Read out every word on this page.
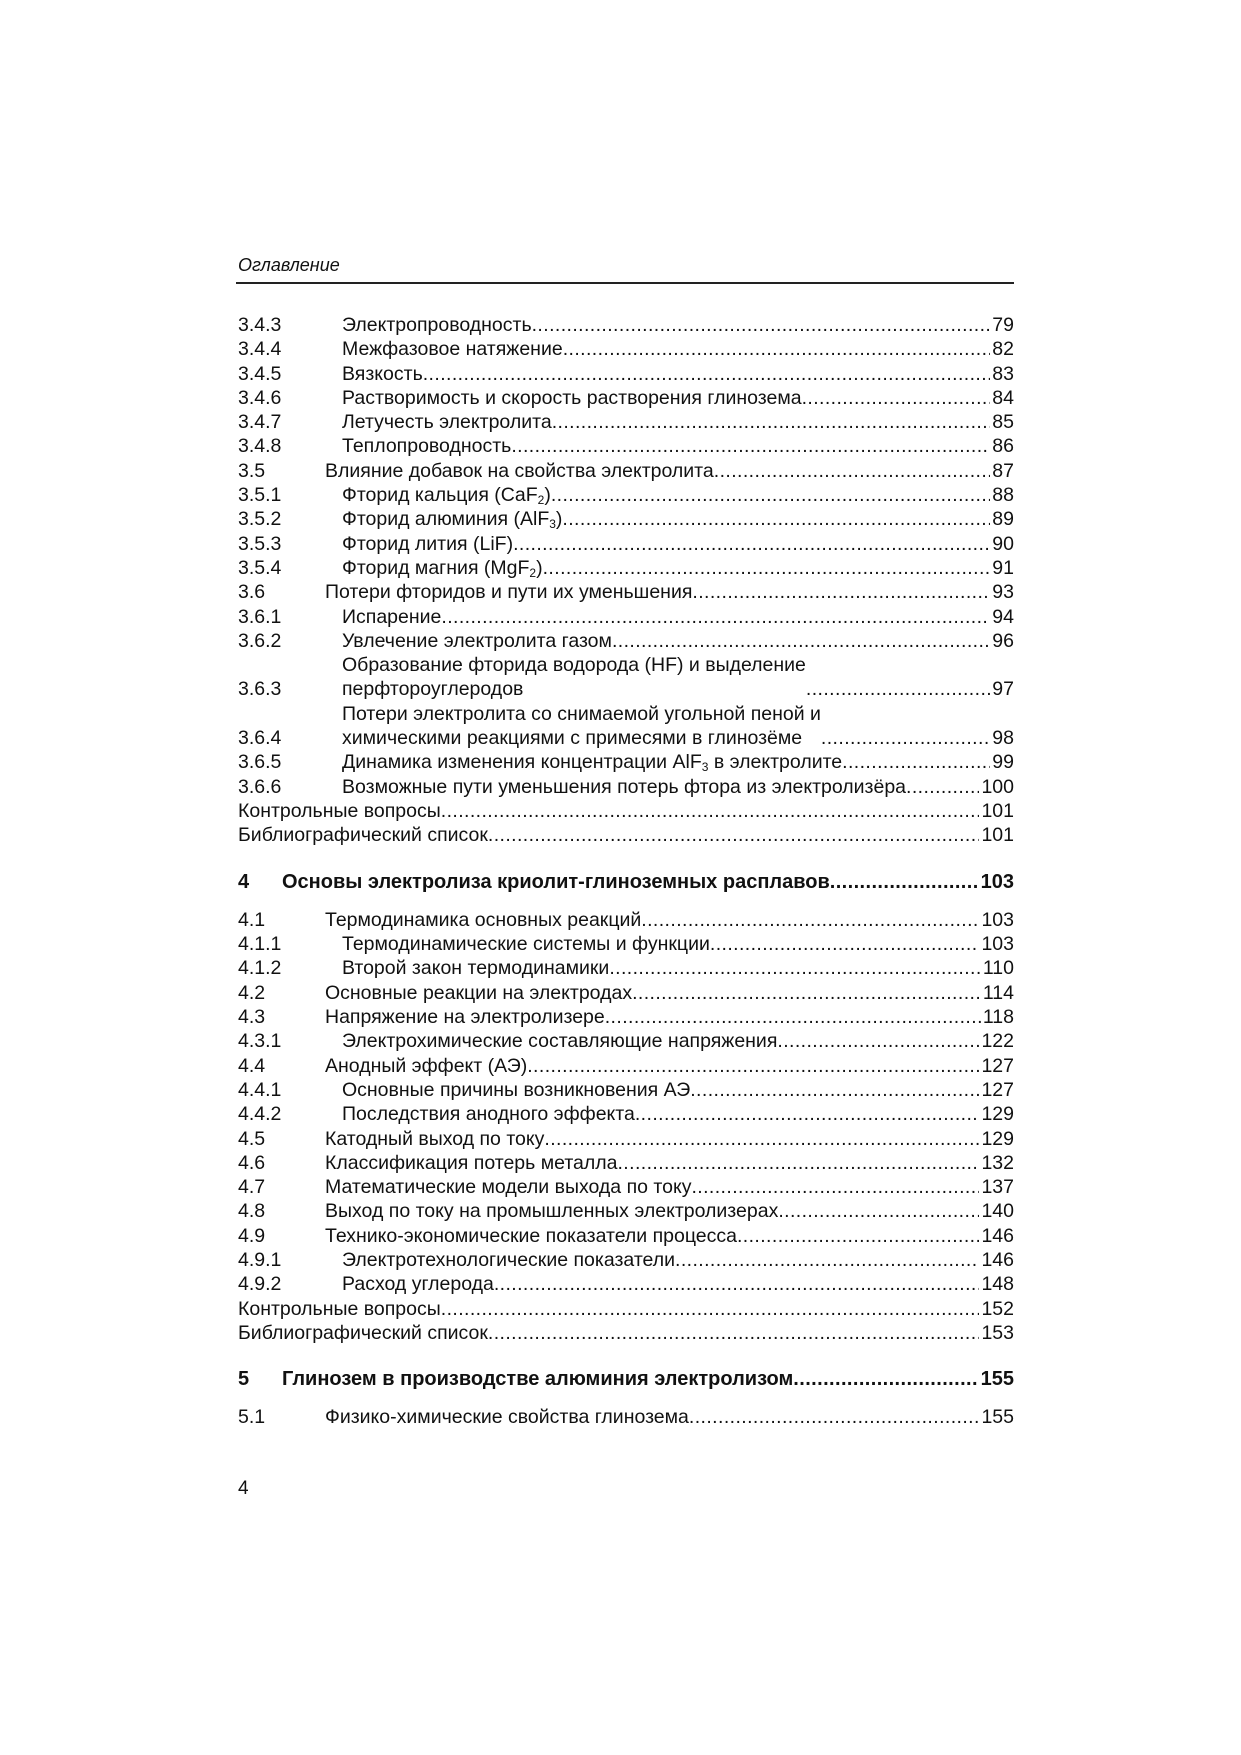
Оглавление
3.4.3	Электропроводность .....	79
3.4.4	Межфазовое натяжение .....	82
3.4.5	Вязкость .....	83
3.4.6	Растворимость и скорость растворения глинозема .....	84
3.4.7	Летучесть электролита .....	85
3.4.8	Теплопроводность .....	86
3.5	Влияние добавок на свойства электролита .....	87
3.5.1	Фторид кальция (CaF$_2$) .....	88
3.5.2	Фторид алюминия (AlF$_3$) .....	89
3.5.3	Фторид лития (LiF) .....	90
3.5.4	Фторид магния (MgF$_2$) .....	91
3.6	Потери фторидов и пути их уменьшения .....	93
3.6.1	Испарение .....	94
3.6.2	Увлечение электролита газом .....	96
3.6.3
Образование фторида водорода (HF) и выделение
перфтороуглеродов .....	97
3.6.4
Потери электролита со снимаемой угольной пеной и
химическими реакциями с примесями в глинозёме .....	98
3.6.5	Динамика изменения концентрации AlF$_3$ в электролите .....	99
3.6.6	Возможные пути уменьшения потерь фтора из электролизёра .....	100
Контрольные вопросы .....	101
Библиографический список .....	101
4	Основы электролиза криолит-глиноземных расплавов .....	103
4.1	Термодинамика основных реакций .....	103
4.1.1	Термодинамические системы и функции .....	103
4.1.2	Второй закон термодинамики .....	110
4.2	Основные реакции на электродах .....	114
4.3	Напряжение на электролизере .....	118
4.3.1	Электрохимические составляющие напряжения .....	122
4.4	Анодный эффект (АЭ) .....	127
4.4.1	Основные причины возникновения АЭ .....	127
4.4.2	Последствия анодного эффекта .....	129
4.5	Катодный выход по току .....	129
4.6	Классификация потерь металла .....	132
4.7	Математические модели выхода по току .....	137
4.8	Выход по току на промышленных электролизерах .....	140
4.9	Технико-экономические показатели процесса .....	146
4.9.1	Электротехнологические показатели .....	146
4.9.2	Расход углерода .....	148
Контрольные вопросы .....	152
Библиографический список .....	153
5	Глинозем в производстве алюминия электролизом .....	155
5.1	Физико-химические свойства глинозема .....	155
4
